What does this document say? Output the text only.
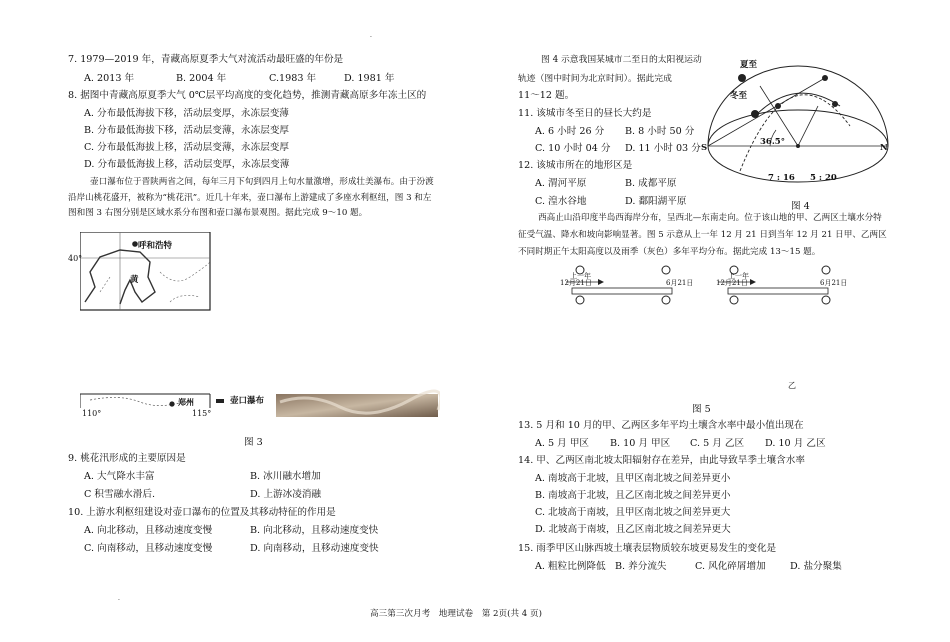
.
.
7. 1979—2019 年，青藏高原夏季大气对流活动最旺盛的年份是
A. 2013 年	B. 2004 年	C.1983 年	D. 1981 年
8. 据图中青藏高原夏季大气 0℃层平均高度的变化趋势，推测青藏高原多年冻土区的
A. 分布最低海拔下移，活动层变厚，永冻层变薄
B. 分布最低海拔下移，活动层变薄，永冻层变厚
C. 分布最低海拔上移，活动层变薄，永冻层变厚
D. 分布最低海拔上移，活动层变厚，永冻层变薄
壶口瀑布位于晋陕两省之间，每年三月下旬到四月上旬水量激增，形成壮美瀑布。由于汾渡沿岸山桃花盛开，被称为“桃花汛”。近几十年来，壶口瀑布上游建成了多座水利枢纽，图 3 和左图和图 3 右图分别是区域水系分布图和壶口瀑布景观图。据此完成 9～10 题。
呼和浩特
40°
黄
郑州
110°	115°
壶口瀑布
图 3
9. 桃花汛形成的主要原因是
A. 大气降水丰富	B. 冰川融水增加
C 积雪融水滑后.	D. 上游冰凌消融
10. 上游水利枢纽建设对壶口瀑布的位置及其移动特征的作用是
A. 向北移动，且移动速度变慢	B. 向北移动，且移动速度变快
C. 向南移动，且移动速度变慢	D. 向南移动，且移动速度变快
图 4 示意我国某城市二至日的太阳视运动
轨迹（图中时间为北京时间）。据此完成
11～12 题。
夏至
冬至
36.5°
S	N
7 : 16 5 : 20
图 4
11. 该城市冬至日的昼长大约是
A. 6 小时 26 分 B. 8 小时 50 分
C. 10 小时 04 分 D. 11 小时 03 分
12. 该城市所在的地形区是
A. 渭河平原	B. 成都平原
C. 湟水谷地	D. 鄱阳湖平原
西高止山沿印度半岛西海岸分布，呈西北—东南走向。位于该山地的甲、乙两区土壤水分特征受气温、降水和坡向影响显著。图 5 示意从上一年 12 月 21 日到当年 12 月 21 日甲、乙两区不同时期正午太阳高度以及雨季（灰色）多年平均分布。据此完成 13～15 题。
上一年
12月21日	6月21日
上一年
12月21日	6月21日
乙
图 5
13. 5 月和 10 月的甲、乙两区多年平均土壤含水率中最小值出现在
A. 5 月 甲区 B. 10 月 甲区 C. 5 月 乙区 D. 10 月 乙区
14. 甲、乙两区南北坡太阳辐射存在差异，由此导致旱季土壤含水率
A. 南坡高于北坡，且甲区南北坡之间差异更小
B. 南坡高于北坡，且乙区南北坡之间差异更小
C. 北坡高于南坡，且甲区南北坡之间差异更大
D. 北坡高于南坡，且乙区南北坡之间差异更大
15. 雨季甲区山脉西坡土壤表层物质较东坡更易发生的变化是
A. 粗粒比例降低 B. 养分流失	C. 风化碎屑增加	D. 盐分聚集
高三第三次月考　地理试卷　第 2页(共 4 页)
